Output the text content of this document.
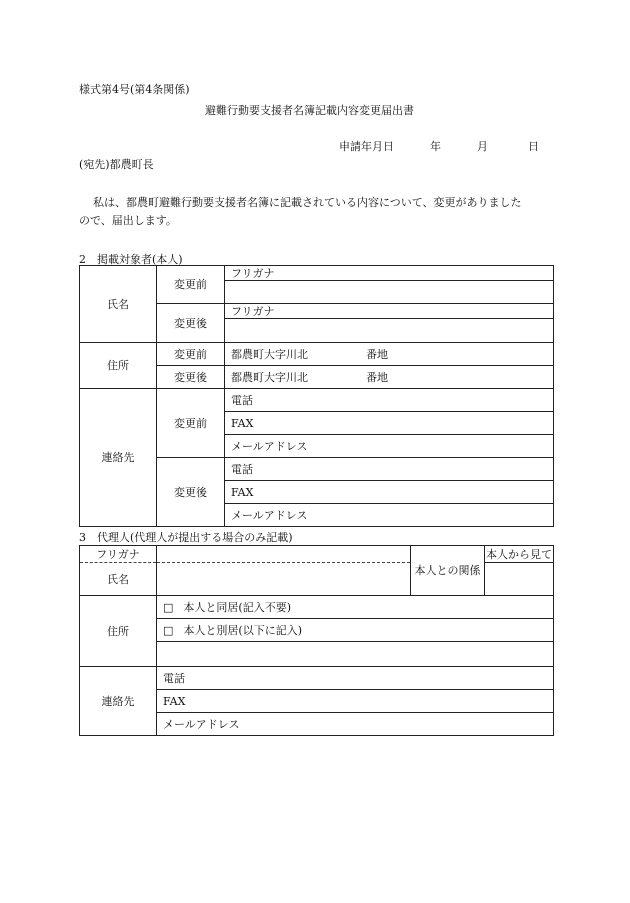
様式第4号(第4条関係)
避難行動要支援者名簿記載内容変更届出書
申請年月日	年	月	日
(宛先)都農町長
私は、都農町避難行動要支援者名簿に記載されている内容について、変更がありました
ので、届出します。
2　掲載対象者(本人)
氏名	変更前	フリガナ

	変更後	フリガナ

住所	変更前	都農町大字川北 番地
	変更後	都農町大字川北 番地
連絡先	変更前	電話
		FAX
		メールアドレス
	変更後	電話
		FAX
		メールアドレス
3　代理人(代理人が提出する場合のみ記載)
フリガナ		本人との関係	本人から見て
氏名			
住所	□ 本人と同居(記入不要)		
	□ 本人と別居(以下に記入)		

連絡先	電話		
	FAX		
	メールアドレス		
